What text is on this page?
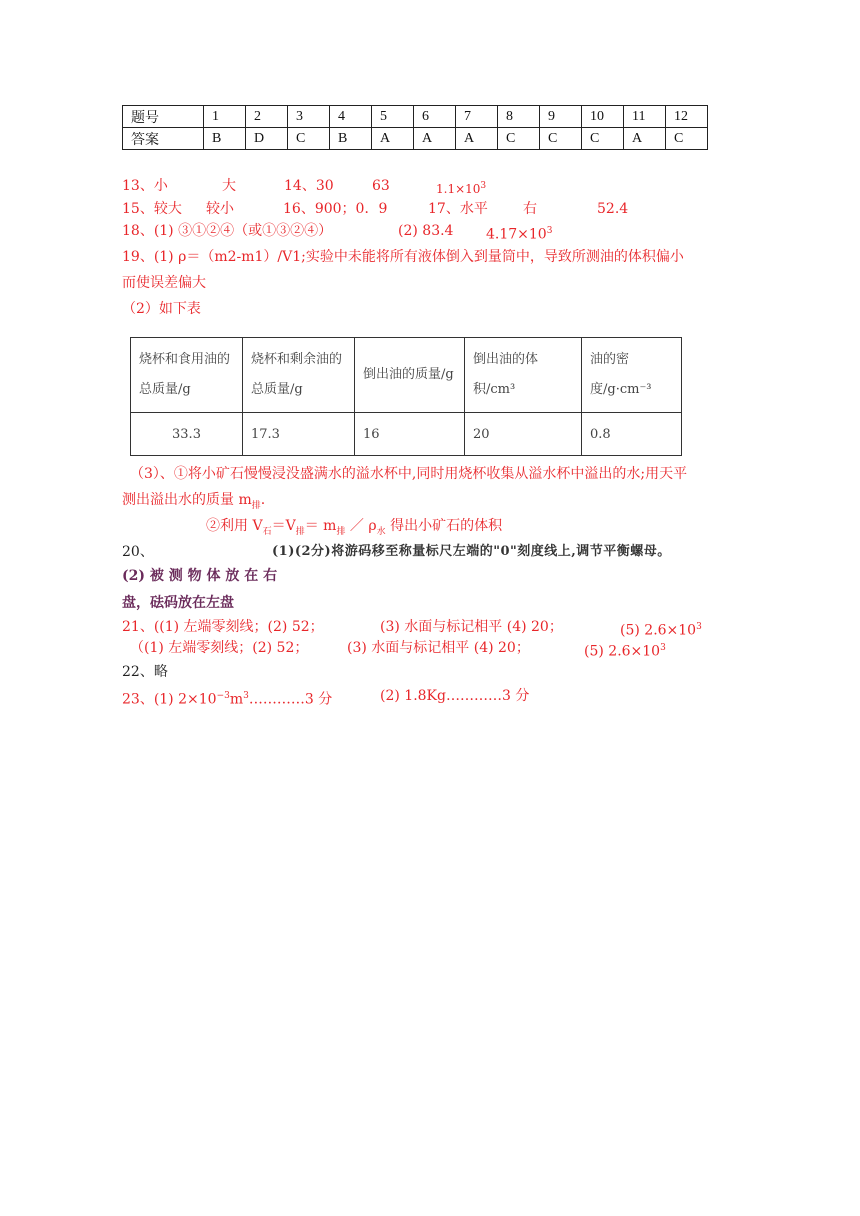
题号	1	2	3	4	5	6	7	8	9	10	11	12
答案	B	D	C	B	A	A	A	C	C	C	A	C
13、小	大	14、30	63	$1.1\times 10^3$
15、较大 较小	16、900；0．9	17、水平	右	52.4
18、(1) ③①②④（或①③②④）	(2) 83.4 $4.17\times 10^3$
19、(1) ρ＝（m2-m1）/V1;实验中未能将所有液体倒入到量筒中，导致所测油的体积偏小
而使误差偏大
（2）如下表
烧杯和食用油的总质量/g	烧杯和剩余油的总质量/g	倒出油的质量/g	倒出油的体积/cm³	油的密度/g·cm⁻³
33.3	17.3	16	20	0.8
（3）、①将小矿石慢慢浸没盛满水的溢水杯中,同时用烧杯收集从溢水杯中溢出的水;用天平
测出溢出水的质量 $m_排$.
②利用 $V_石=V_排= m_排$ ／ $\rho_水$ 得出小矿石的体积
20、	(1)(2分)将游码移至称量标尺左端的"0"刻度线上,调节平衡螺母。
(2) 被 测 物 体 放 在 右
盘，砝码放在左盘
21、((1) 左端零刻线；(2) 52；	(3) 水面与标记相平 (4) 20；	(5) $2.6\times 10^3$
（(1) 左端零刻线；(2) 52；	(3) 水面与标记相平 (4) 20；	(5) $2.6\times 10^3$
22、略
23、(1) $2\times 10^{-3}m^3\dots\dots\dots\dots 3$ 分	(2) 1.8Kg…………3 分
